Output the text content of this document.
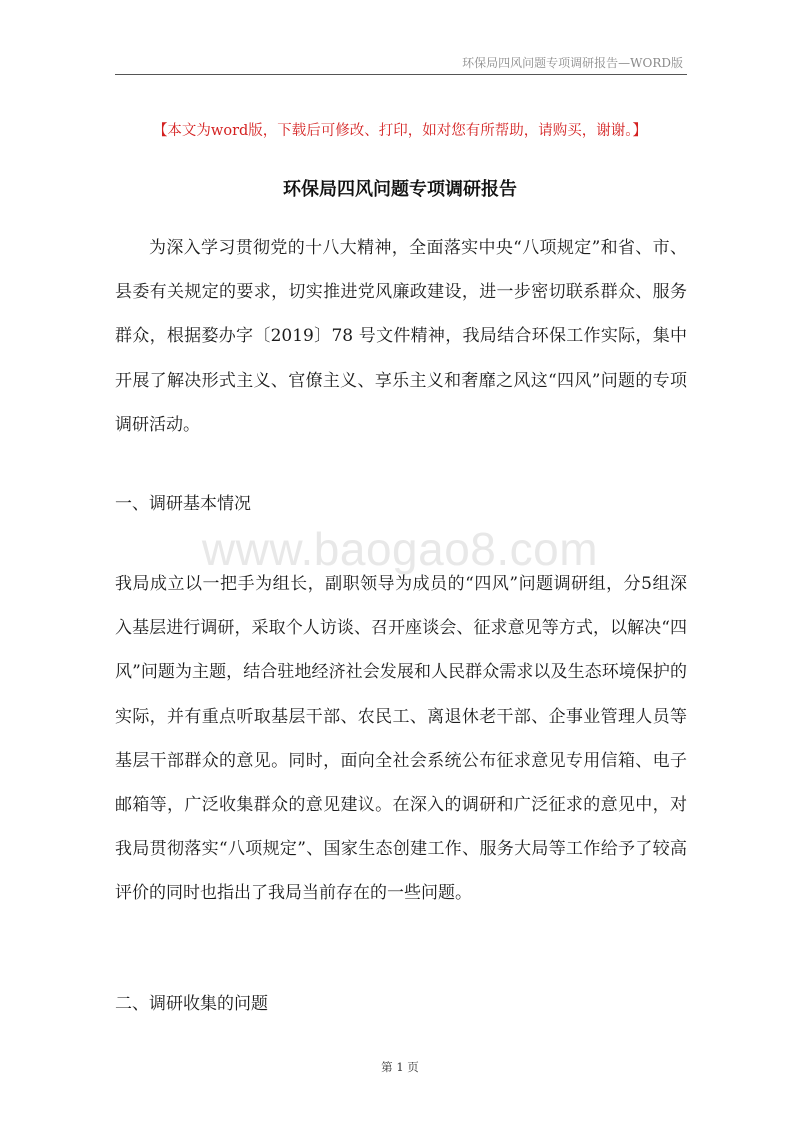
环保局四风问题专项调研报告—WORD版
【本文为word版，下载后可修改、打印，如对您有所帮助，请购买，谢谢。】
环保局四风问题专项调研报告
为深入学习贯彻党的十八大精神，全面落实中央“八项规定”和省、市、县委有关规定的要求，切实推进党风廉政建设，进一步密切联系群众、服务群众，根据婺办字〔2019〕78 号文件精神，我局结合环保工作实际，集中开展了解决形式主义、官僚主义、享乐主义和奢靡之风这“四风”问题的专项调研活动。
一、调研基本情况
www.baogao8.com
我局成立以一把手为组长，副职领导为成员的“四风”问题调研组，分5组深入基层进行调研，采取个人访谈、召开座谈会、征求意见等方式，以解决“四风”问题为主题，结合驻地经济社会发展和人民群众需求以及生态环境保护的实际，并有重点听取基层干部、农民工、离退休老干部、企事业管理人员等基层干部群众的意见。同时，面向全社会系统公布征求意见专用信箱、电子邮箱等，广泛收集群众的意见建议。在深入的调研和广泛征求的意见中，对我局贯彻落实“八项规定”、国家生态创建工作、服务大局等工作给予了较高评价的同时也指出了我局当前存在的一些问题。
二、调研收集的问题
第 1 页
